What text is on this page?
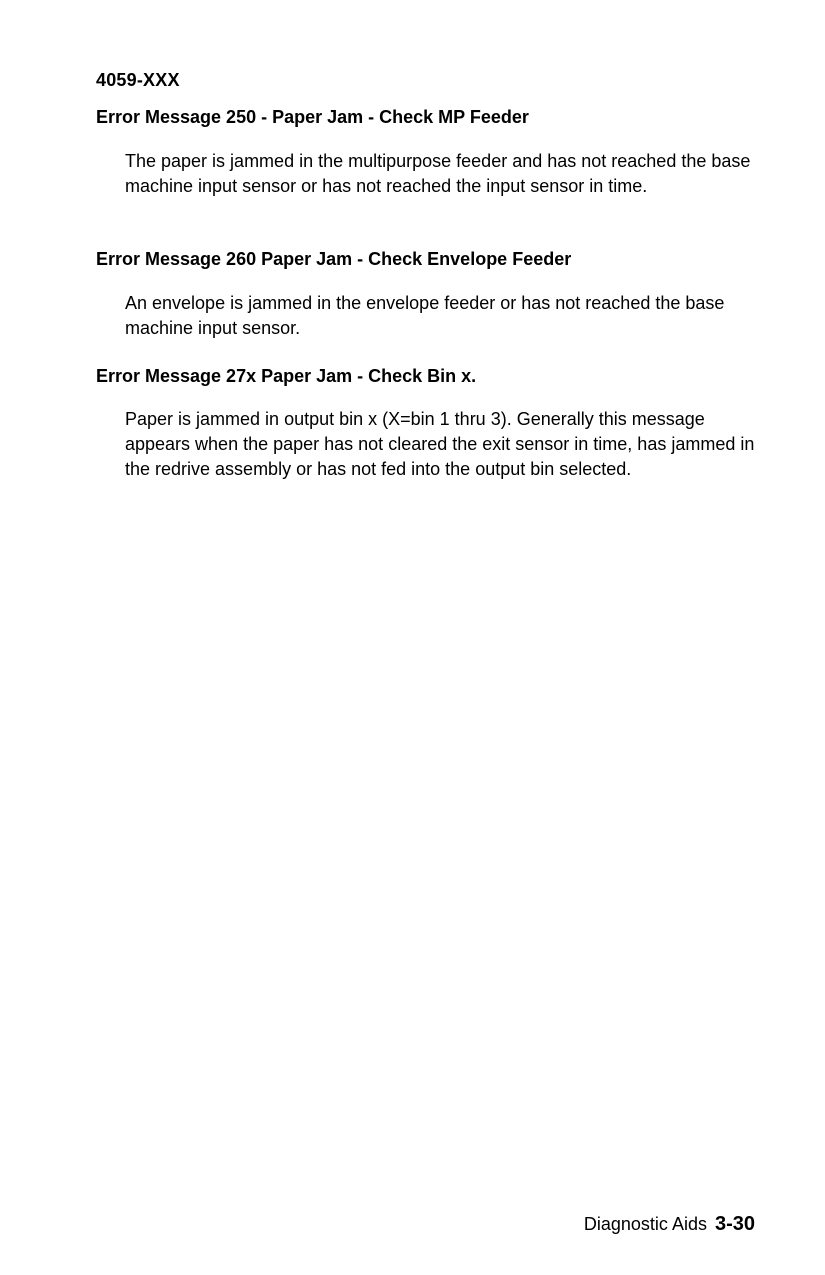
4059-XXX
Error Message 250 - Paper Jam - Check MP Feeder
The paper is jammed in the multipurpose feeder and has not reached the base machine input sensor or has not reached the input sensor in time.
Error Message 260 Paper Jam - Check Envelope Feeder
An envelope is jammed in the envelope feeder or has not reached the base machine input sensor.
Error Message 27x Paper Jam - Check Bin x.
Paper is jammed in output bin x (X=bin 1 thru 3). Generally this message appears when the paper has not cleared the exit sensor in time, has jammed in the redrive assembly or has not fed into the output bin selected.
Diagnostic Aids 3-30
